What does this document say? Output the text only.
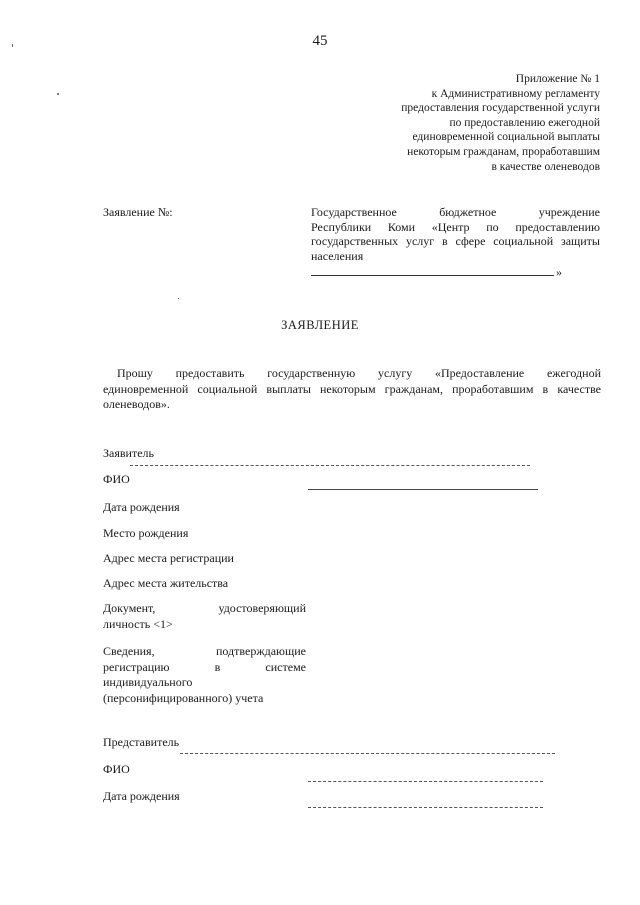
45
Приложение № 1
к Административному регламенту
предоставления государственной услуги
по предоставлению ежегодной
единовременной социальной выплаты
некоторым гражданам, проработавшим
в качестве оленеводов
Заявление №:	Государственное бюджетное учреждение
Республики Коми «Центр по предоставлению
государственных услуг в сфере социальной защиты
населения
»
ЗАЯВЛЕНИЕ
Прошу предоставить государственную услугу «Предоставление ежегодной
единовременной социальной выплаты некоторым гражданам, проработавшим в качестве
оленеводов».
Заявитель
ФИО
Дата рождения
Место рождения
Адрес места регистрации
Адрес места жительства
Документ, удостоверяющий
личность <1>
Сведения, подтверждающие
регистрацию в системе
индивидуального
(персонифицированного) учета
Представитель
ФИО
Дата рождения
